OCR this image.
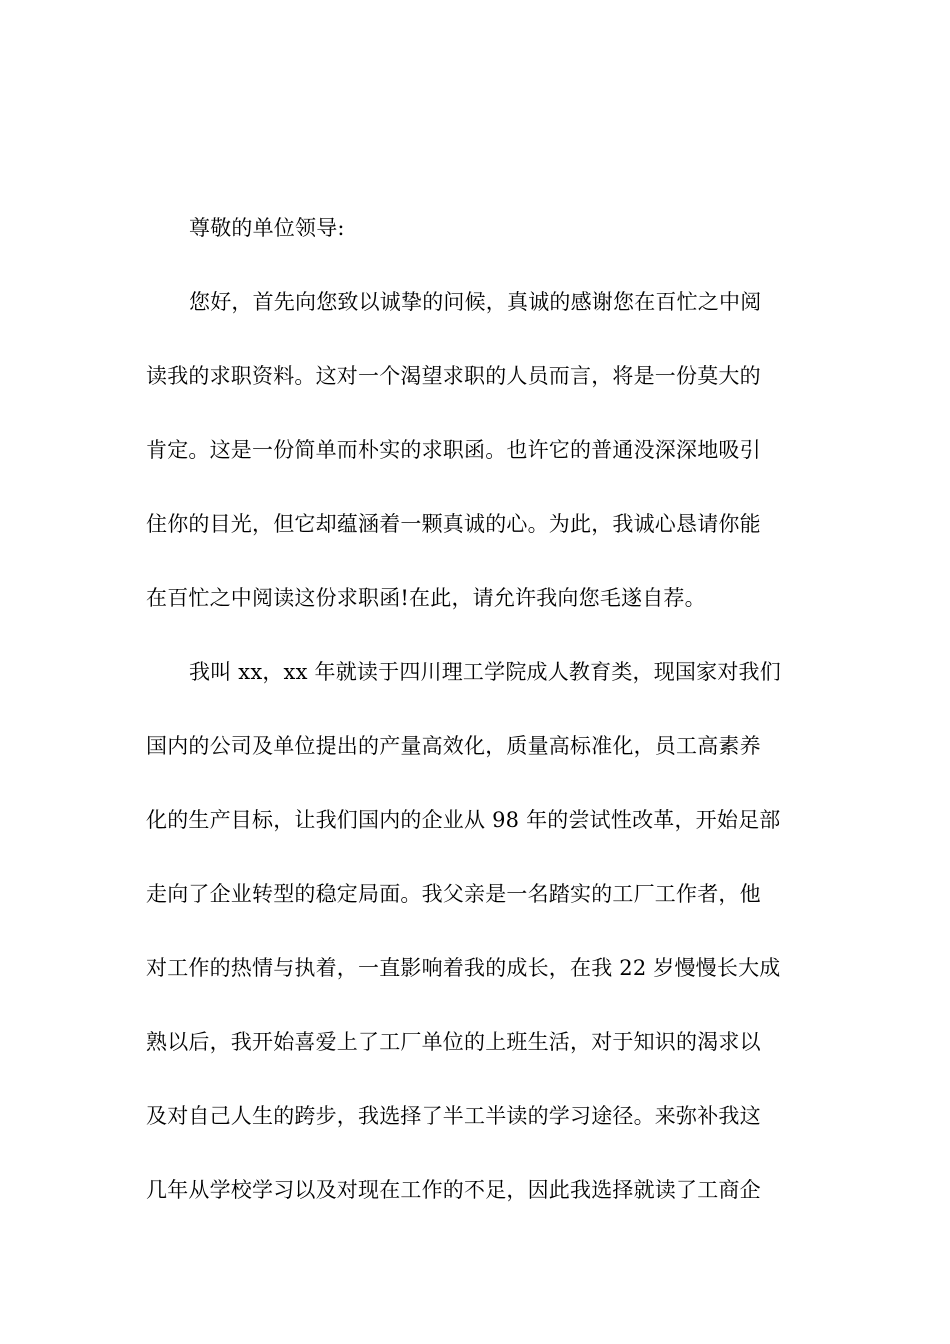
尊敬的单位领导:
您好，首先向您致以诚挚的问候，真诚的感谢您在百忙之中阅
读我的求职资料。这对一个渴望求职的人员而言，将是一份莫大的
肯定。这是一份简单而朴实的求职函。也许它的普通没深深地吸引
住你的目光，但它却蕴涵着一颗真诚的心。为此，我诚心恳请你能
在百忙之中阅读这份求职函!在此，请允许我向您毛遂自荐。
我叫 xx，xx 年就读于四川理工学院成人教育类，现国家对我们
国内的公司及单位提出的产量高效化，质量高标准化，员工高素养
化的生产目标，让我们国内的企业从 98 年的尝试性改革，开始足部
走向了企业转型的稳定局面。我父亲是一名踏实的工厂工作者，他
对工作的热情与执着，一直影响着我的成长，在我 22 岁慢慢长大成
熟以后，我开始喜爱上了工厂单位的上班生活，对于知识的渴求以
及对自己人生的跨步，我选择了半工半读的学习途径。来弥补我这
几年从学校学习以及对现在工作的不足，因此我选择就读了工商企
